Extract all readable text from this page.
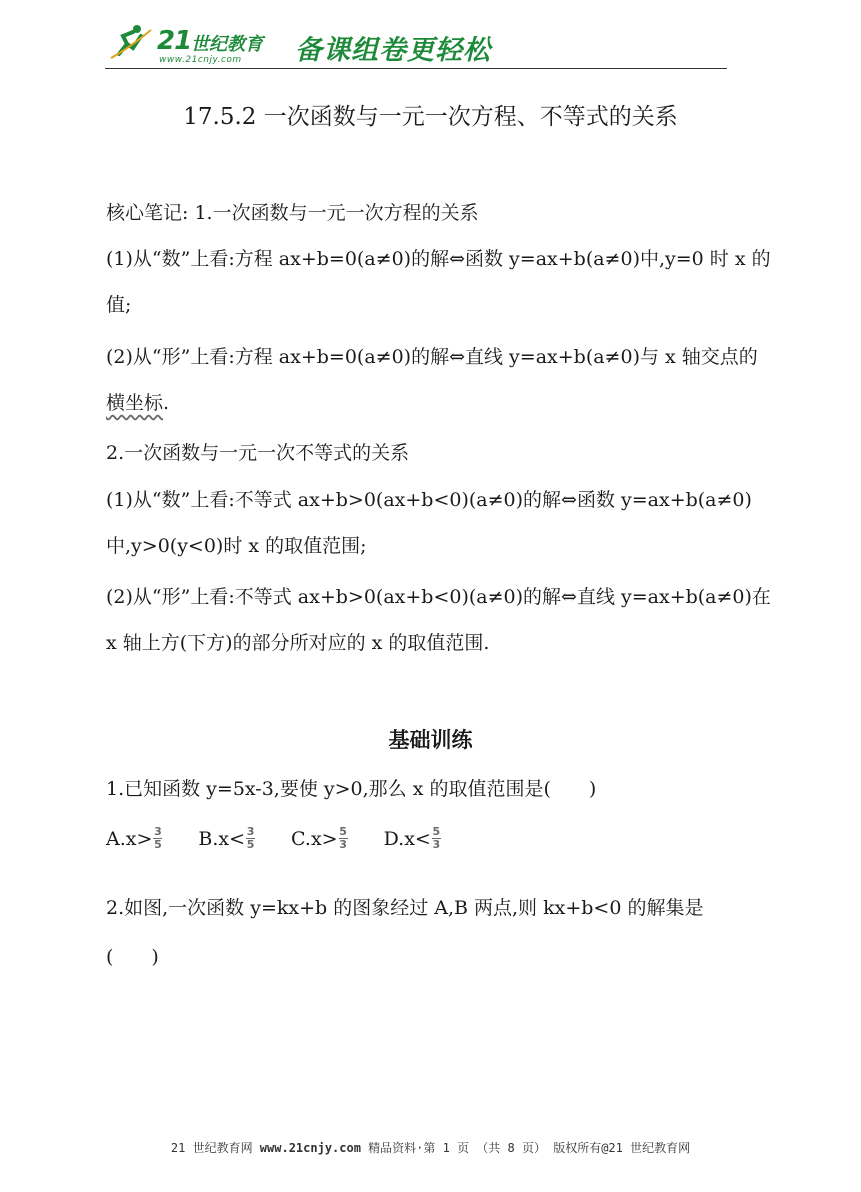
21 世纪教育
www.21cnjy.com 备课组卷更轻松
17.5.2 一次函数与一元一次方程、不等式的关系
核心笔记: 1.一次函数与一元一次方程的关系
(1)从“数”上看:方程 ax+b=0(a≠0)的解⇔函数 y=ax+b(a≠0)中,y=0 时 x 的
值;
(2)从“形”上看:方程 ax+b=0(a≠0)的解⇔直线 y=ax+b(a≠0)与 x 轴交点的
横坐标.
2.一次函数与一元一次不等式的关系
(1)从“数”上看:不等式 ax+b>0(ax+b<0)(a≠0)的解⇔函数 y=ax+b(a≠0)
中,y>0(y<0)时 x 的取值范围;
(2)从“形”上看:不等式 ax+b>0(ax+b<0)(a≠0)的解⇔直线 y=ax+b(a≠0)在
x 轴上方(下方)的部分所对应的 x 的取值范围.
基础训练
1.已知函数 y=5x-3,要使 y>0,那么 x 的取值范围是(　　)
$A.x> \frac{3}{5} B.x< \frac{3}{5} C.x> \frac{5}{3} D.x< \frac{5}{3}$
2.如图,一次函数 y=kx+b 的图象经过 A,B 两点,则 kx+b<0 的解集是
(　　)
21 世纪教育网 www.21cnjy.com 精品资料·第 1 页 （共 8 页） 版权所有@21 世纪教育网
